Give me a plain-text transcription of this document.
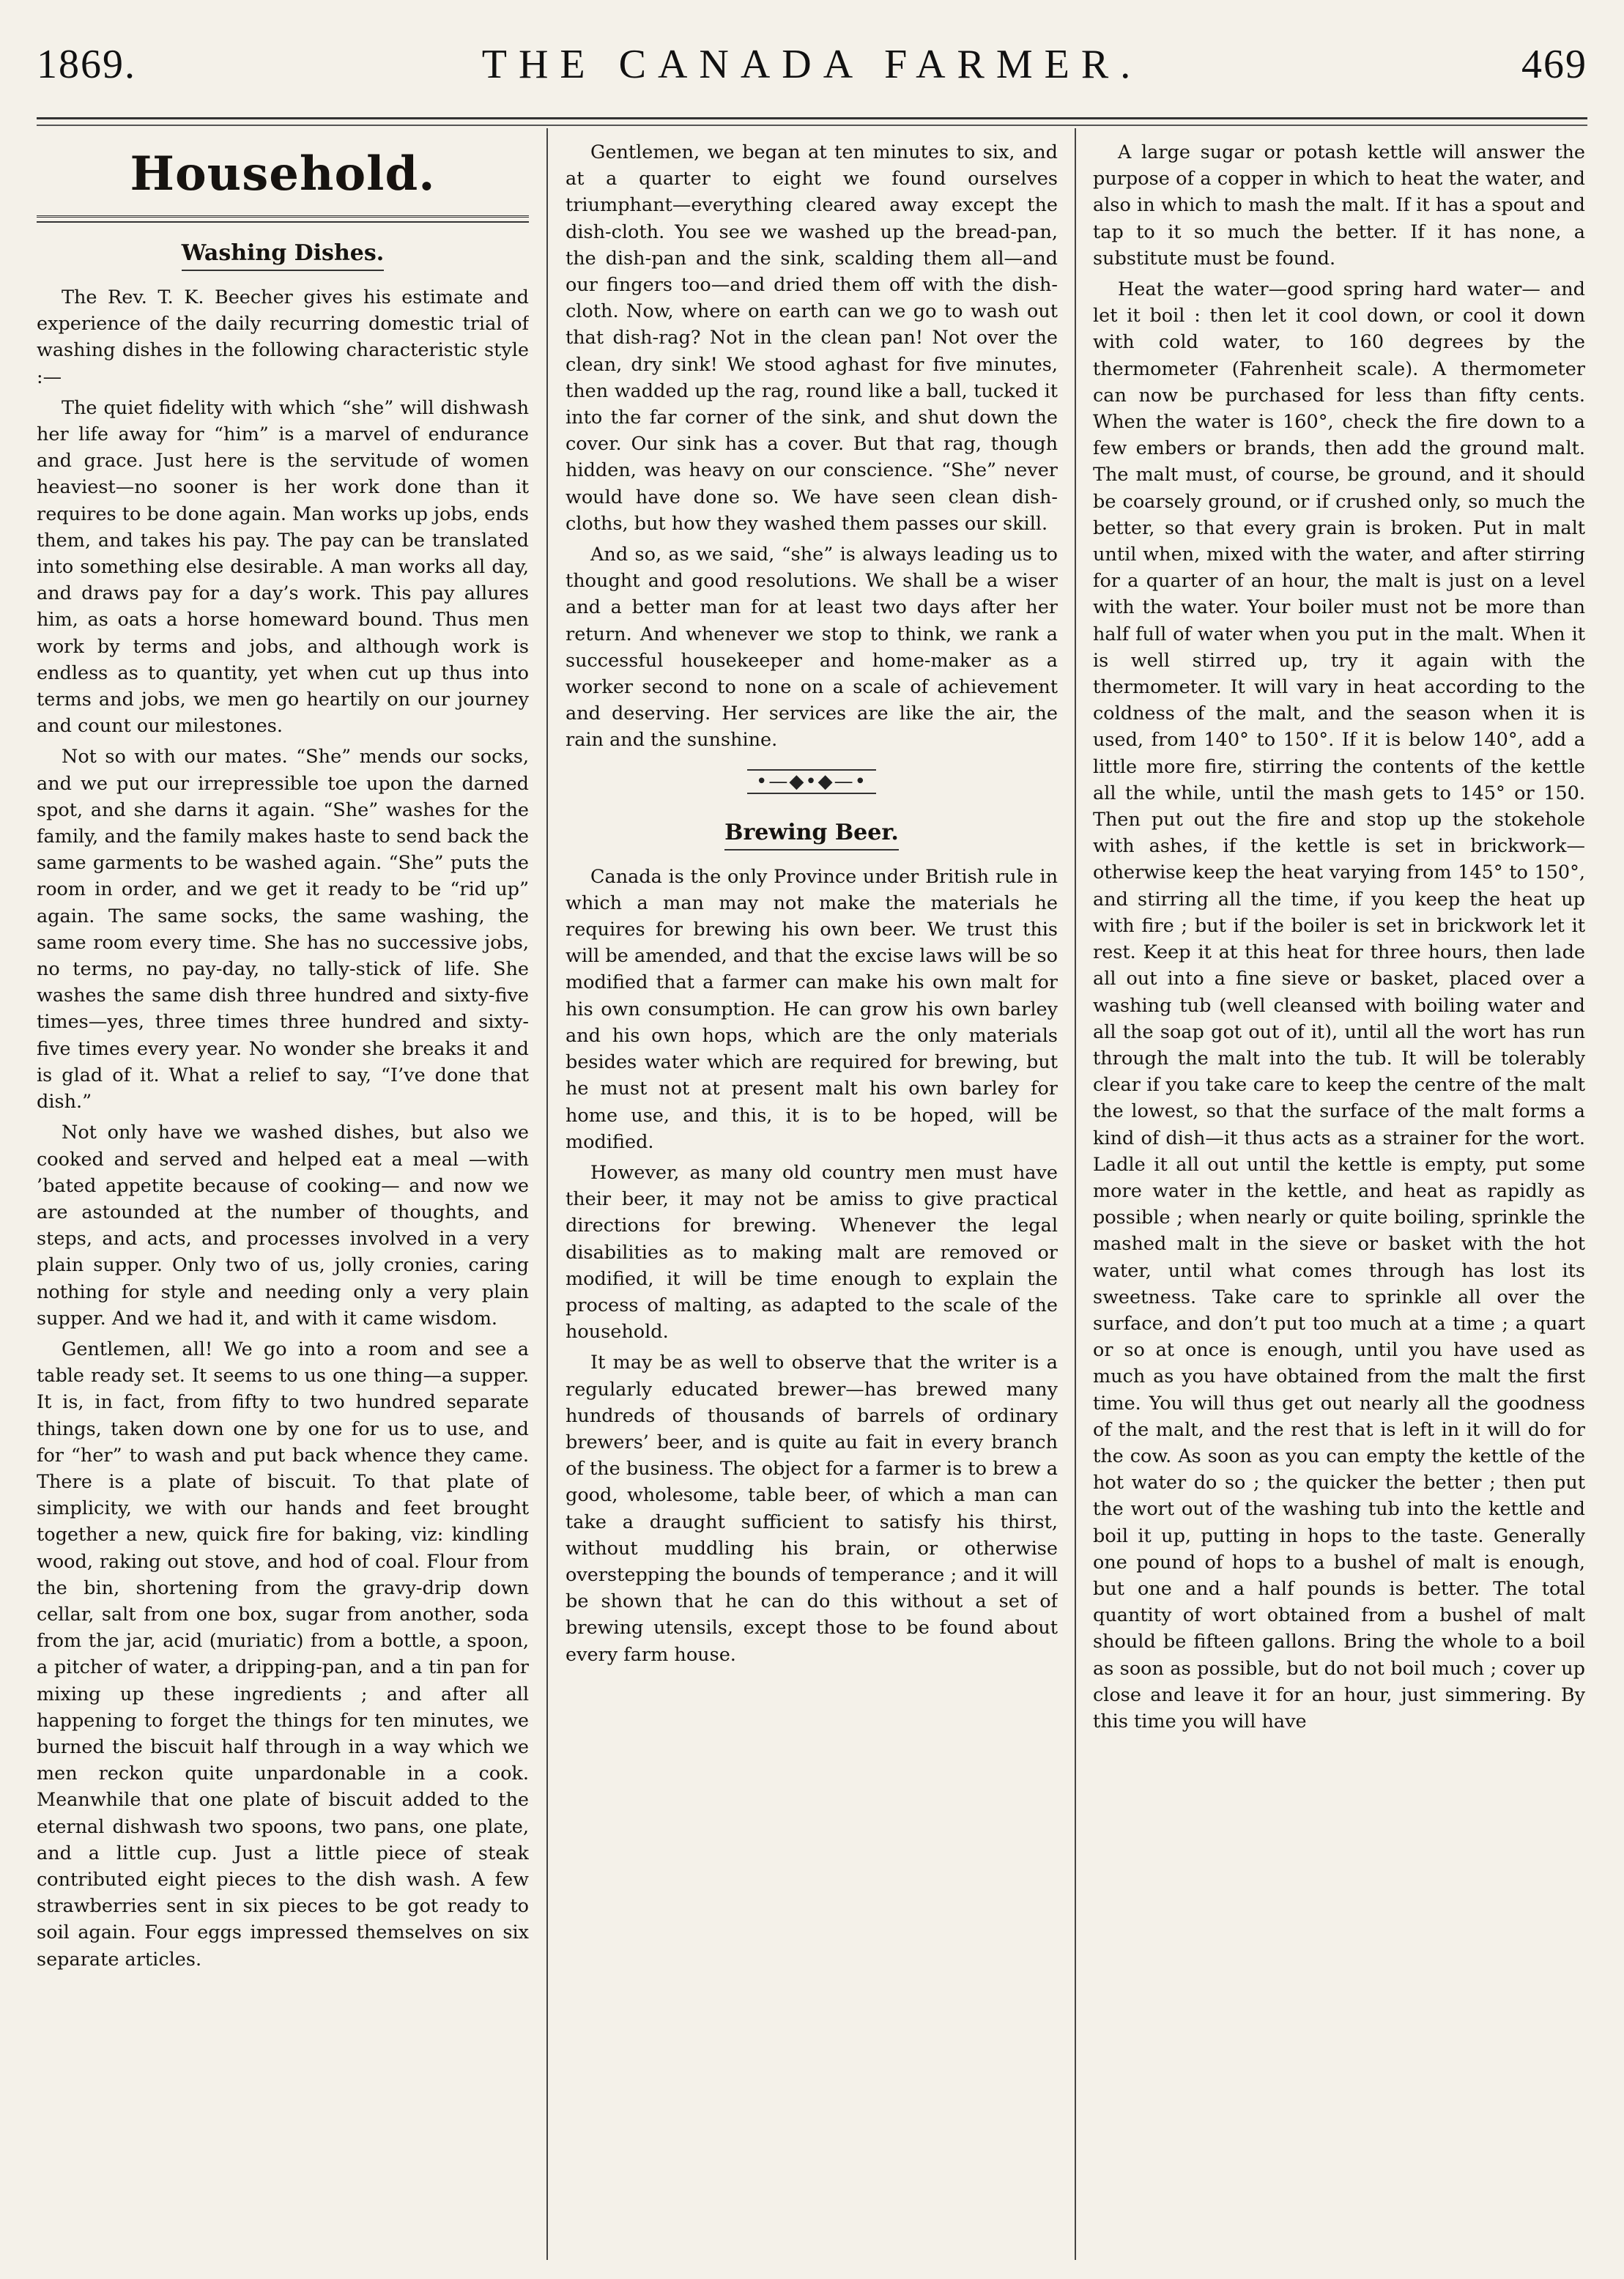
1869.	THE CANADA FARMER.	469
Household.
Washing Dishes.

The Rev. T. K. Beecher gives his estimate and experience of the daily recurring domestic trial of washing dishes in the following characteristic style :—

The quiet fidelity with which “she” will dishwash her life away for “him” is a marvel of endurance and grace. Just here is the servitude of women heaviest—no sooner is her work done than it requires to be done again. Man works up jobs, ends them, and takes his pay. The pay can be translated into something else desirable. A man works all day, and draws pay for a day’s work. This pay allures him, as oats a horse homeward bound. Thus men work by terms and jobs, and although work is endless as to quantity, yet when cut up thus into terms and jobs, we men go heartily on our journey and count our milestones.

Not so with our mates. “She” mends our socks, and we put our irrepressible toe upon the darned spot, and she darns it again. “She” washes for the family, and the family makes haste to send back the same garments to be washed again. “She” puts the room in order, and we get it ready to be “rid up” again. The same socks, the same washing, the same room every time. She has no successive jobs, no terms, no pay-day, no tally-stick of life. She washes the same dish three hundred and sixty-five times—yes, three times three hundred and sixty-five times every year. No wonder she breaks it and is glad of it. What a relief to say, “I’ve done that dish.”

Not only have we washed dishes, but also we cooked and served and helped eat a meal —with ’bated appetite because of cooking— and now we are astounded at the number of thoughts, and steps, and acts, and processes involved in a very plain supper. Only two of us, jolly cronies, caring nothing for style and needing only a very plain supper. And we had it, and with it came wisdom.

Gentlemen, all! We go into a room and see a table ready set. It seems to us one thing—a supper. It is, in fact, from fifty to two hundred separate things, taken down one by one for us to use, and for “her” to wash and put back whence they came. There is a plate of biscuit. To that plate of simplicity, we with our hands and feet brought together a new, quick fire for baking, viz: kindling wood, raking out stove, and hod of coal. Flour from the bin, shortening from the gravy-drip down cellar, salt from one box, sugar from another, soda from the jar, acid (muriatic) from a bottle, a spoon, a pitcher of water, a dripping-pan, and a tin pan for mixing up these ingredients ; and after all happening to forget the things for ten minutes, we burned the biscuit half through in a way which we men reckon quite unpardonable in a cook. Meanwhile that one plate of biscuit added to the eternal dishwash two spoons, two pans, one plate, and a little cup. Just a little piece of steak contributed eight pieces to the dish wash. A few strawberries sent in six pieces to be got ready to soil again. Four eggs impressed themselves on six separate articles.

Gentlemen, we began at ten minutes to six, and at a quarter to eight we found ourselves triumphant—everything cleared away except the dish-cloth. You see we washed up the bread-pan, the dish-pan and the sink, scalding them all—and our fingers too—and dried them off with the dish-cloth. Now, where on earth can we go to wash out that dish-rag? Not in the clean pan! Not over the clean, dry sink! We stood aghast for five minutes, then wadded up the rag, round like a ball, tucked it into the far corner of the sink, and shut down the cover. Our sink has a cover. But that rag, though hidden, was heavy on our conscience. “She” never would have done so. We have seen clean dish-cloths, but how they washed them passes our skill.

And so, as we said, “she” is always leading us to thought and good resolutions. We shall be a wiser and a better man for at least two days after her return. And whenever we stop to think, we rank a successful housekeeper and home-maker as a worker second to none on a scale of achievement and deserving. Her services are like the air, the rain and the sunshine.

•—◆•◆—•
Brewing Beer.

Canada is the only Province under British rule in which a man may not make the materials he requires for brewing his own beer. We trust this will be amended, and that the excise laws will be so modified that a farmer can make his own malt for his own consumption. He can grow his own barley and his own hops, which are the only materials besides water which are required for brewing, but he must not at present malt his own barley for home use, and this, it is to be hoped, will be modified.

However, as many old country men must have their beer, it may not be amiss to give practical directions for brewing. Whenever the legal disabilities as to making malt are removed or modified, it will be time enough to explain the process of malting, as adapted to the scale of the household.

It may be as well to observe that the writer is a regularly educated brewer—has brewed many hundreds of thousands of barrels of ordinary brewers’ beer, and is quite au fait in every branch of the business. The object for a farmer is to brew a good, wholesome, table beer, of which a man can take a draught sufficient to satisfy his thirst, without muddling his brain, or otherwise overstepping the bounds of temperance ; and it will be shown that he can do this without a set of brewing utensils, except those to be found about every farm house.

A large sugar or potash kettle will answer the purpose of a copper in which to heat the water, and also in which to mash the malt. If it has a spout and tap to it so much the better. If it has none, a substitute must be found.

Heat the water—good spring hard water— and let it boil : then let it cool down, or cool it down with cold water, to 160 degrees by the thermometer (Fahrenheit scale). A thermometer can now be purchased for less than fifty cents. When the water is 160°, check the fire down to a few embers or brands, then add the ground malt. The malt must, of course, be ground, and it should be coarsely ground, or if crushed only, so much the better, so that every grain is broken. Put in malt until when, mixed with the water, and after stirring for a quarter of an hour, the malt is just on a level with the water. Your boiler must not be more than half full of water when you put in the malt. When it is well stirred up, try it again with the thermometer. It will vary in heat according to the coldness of the malt, and the season when it is used, from 140° to 150°. If it is below 140°, add a little more fire, stirring the contents of the kettle all the while, until the mash gets to 145° or 150. Then put out the fire and stop up the stokehole with ashes, if the kettle is set in brickwork—otherwise keep the heat varying from 145° to 150°, and stirring all the time, if you keep the heat up with fire ; but if the boiler is set in brickwork let it rest. Keep it at this heat for three hours, then lade all out into a fine sieve or basket, placed over a washing tub (well cleansed with boiling water and all the soap got out of it), until all the wort has run through the malt into the tub. It will be tolerably clear if you take care to keep the centre of the malt the lowest, so that the surface of the malt forms a kind of dish—it thus acts as a strainer for the wort. Ladle it all out until the kettle is empty, put some more water in the kettle, and heat as rapidly as possible ; when nearly or quite boiling, sprinkle the mashed malt in the sieve or basket with the hot water, until what comes through has lost its sweetness. Take care to sprinkle all over the surface, and don’t put too much at a time ; a quart or so at once is enough, until you have used as much as you have obtained from the malt the first time. You will thus get out nearly all the goodness of the malt, and the rest that is left in it will do for the cow. As soon as you can empty the kettle of the hot water do so ; the quicker the better ; then put the wort out of the washing tub into the kettle and boil it up, putting in hops to the taste. Generally one pound of hops to a bushel of malt is enough, but one and a half pounds is better. The total quantity of wort obtained from a bushel of malt should be fifteen gallons. Bring the whole to a boil as soon as possible, but do not boil much ; cover up close and leave it for an hour, just simmering. By this time you will have
